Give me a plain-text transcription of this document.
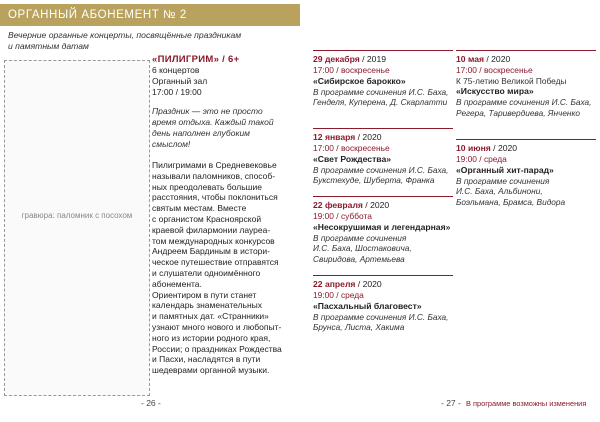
ОРГАННЫЙ АБОНЕМЕНТ № 2
Вечерние органные концерты, посвящённые праздникам
и памятным датам
гравюра: паломник с посохом
«ПИЛИГРИМ» / 6+
6 концертов
Органный зал
17:00 / 19:00
Праздник — это не просто
время отдыха. Каждый такой
день наполнен глубоким
смыслом!
Пилигримами в Средневековье
называли паломников, способ-
ных преодолевать большие
расстояния, чтобы поклониться
святым местам. Вместе
с органистом Красноярской
краевой филармонии лауреа-
том международных конкурсов
Андреем Бардиным в истори-
ческое путешествие отправятся
и слушатели одноимённого
абонемента.
Ориентиром в пути станет
календарь знаменательных
и памятных дат. «Странники»
узнают много нового и любопыт-
ного из истории родного края,
России; о праздниках Рождества
и Пасхи, насладятся в пути
шедеврами органной музыки.
- 26 -
29 декабря / 2019
17:00 / воскресенье
«Сибирское барокко»
В программе сочинения И.С. Баха,
Генделя, Куперена, Д. Скарлатти
12 января / 2020
17:00 / воскресенье
«Свет Рождества»
В программе сочинения И.С. Баха,
Букстехуде, Шуберта, Франка
22 февраля / 2020
19:00 / суббота
«Несокрушимая и легендарная»
В программе сочинения
И.С. Баха, Шостаковича,
Свиридова, Артемьева
22 апреля / 2020
19:00 / среда
«Пасхальный благовест»
В программе сочинения И.С. Баха,
Брунса, Листа, Хакима
10 мая / 2020
17:00 / воскресенье
К 75-летию Великой Победы
«Искусство мира»
В программе сочинения И.С. Баха,
Регера, Таривердиева, Янченко
10 июня / 2020
19:00 / среда
«Органный хит-парад»
В программе сочинения
И.С. Баха, Альбинони,
Боэльмана, Брамса, Видора
- 27 - В программе возможны изменения
